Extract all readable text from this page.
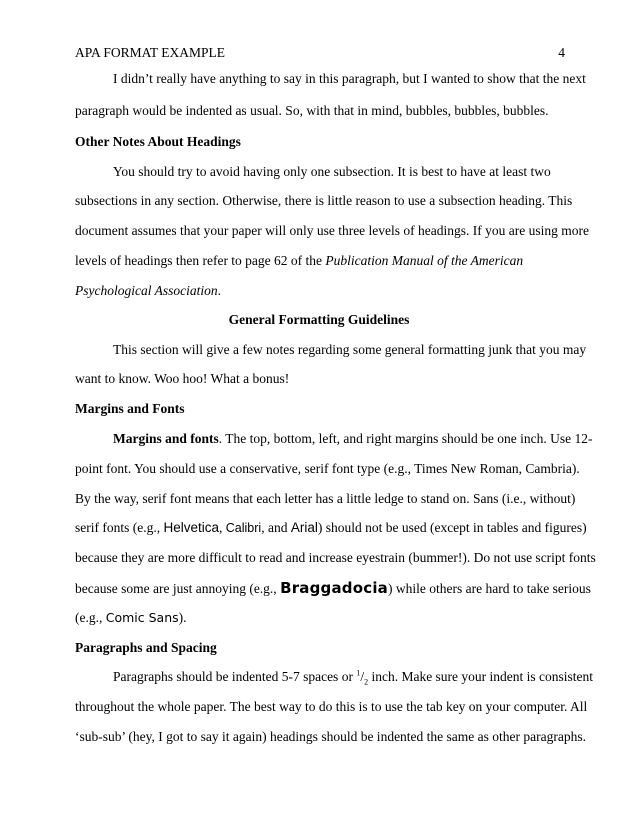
APA FORMAT EXAMPLE	4
I didn’t really have anything to say in this paragraph, but I wanted to show that the next
paragraph would be indented as usual. So, with that in mind, bubbles, bubbles, bubbles.
Other Notes About Headings
You should try to avoid having only one subsection. It is best to have at least two
subsections in any section. Otherwise, there is little reason to use a subsection heading. This
document assumes that your paper will only use three levels of headings. If you are using more
levels of headings then refer to page 62 of the Publication Manual of the American
Psychological Association.
General Formatting Guidelines
This section will give a few notes regarding some general formatting junk that you may
want to know. Woo hoo! What a bonus!
Margins and Fonts
Margins and fonts. The top, bottom, left, and right margins should be one inch. Use 12-
point font. You should use a conservative, serif font type (e.g., Times New Roman, Cambria).
By the way, serif font means that each letter has a little ledge to stand on. Sans (i.e., without)
serif fonts (e.g., Helvetica, Calibri, and Arial) should not be used (except in tables and figures)
because they are more difficult to read and increase eyestrain (bummer!). Do not use script fonts
because some are just annoying (e.g., Braggadocia) while others are hard to take serious
(e.g., Comic Sans).
Paragraphs and Spacing
Paragraphs should be indented 5-7 spaces or $^1/_2$ inch. Make sure your indent is consistent
throughout the whole paper. The best way to do this is to use the tab key on your computer. All
‘sub-sub’ (hey, I got to say it again) headings should be indented the same as other paragraphs.
